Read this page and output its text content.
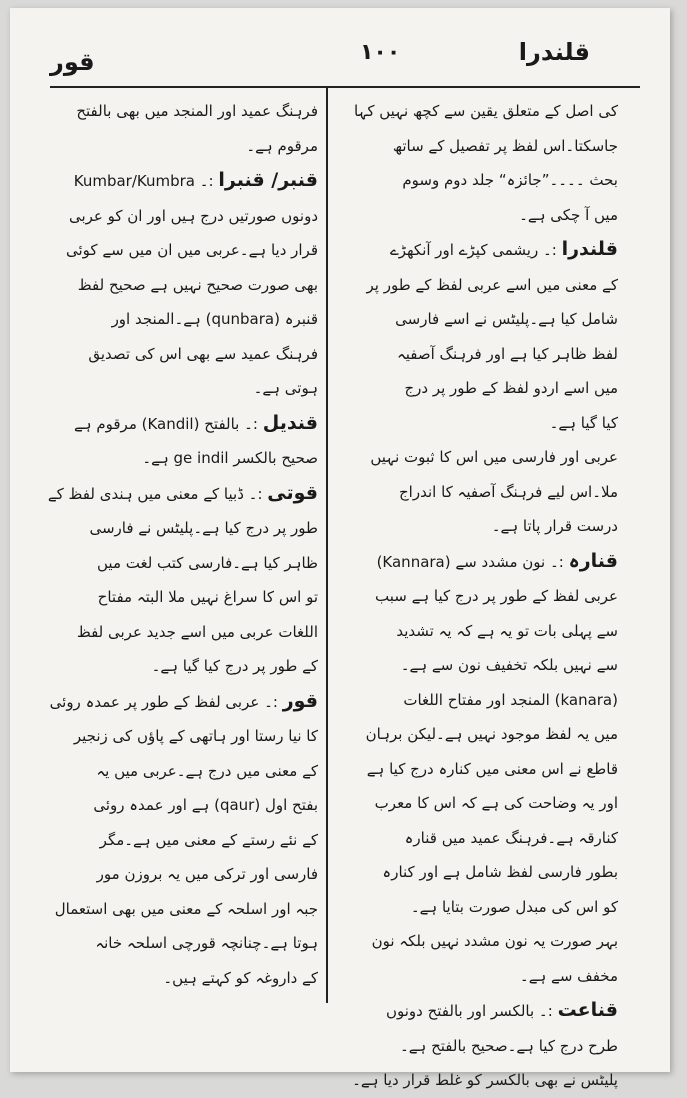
قلندرا
۱۰۰
قور

کی اصل کے متعلق یقین سے کچھ نہیں کہا

جاسکتا۔اس لفظ پر تفصیل کے ساتھ

بحث ۔۔۔۔”جائزہ“ جلد دوم وسوم

میں آ چکی ہے۔

قلندرا :۔ ریشمی کپڑے اور آنکھڑے

کے معنی میں اسے عربی لفظ کے طور پر

شامل کیا ہے۔پلیٹس نے اسے فارسی

لفظ ظاہر کیا ہے اور فرہنگ آصفیہ

میں اسے اردو لفظ کے طور پر درج

کیا گیا ہے۔

عربی اور فارسی میں اس کا ثبوت نہیں

ملا۔اس لیے فرہنگ آصفیہ کا اندراج

درست قرار پاتا ہے۔

قنارہ :۔ نون مشدد سے (Kannara)

عربی لفظ کے طور پر درج کیا ہے سبب

سے پہلی بات تو یہ ہے کہ یہ تشدید

سے نہیں بلکہ تخفیف نون سے ہے۔

(kanara) المنجد اور مفتاح اللغات

میں یہ لفظ موجود نہیں ہے۔لیکن برہان

قاطع نے اس معنی میں کنارہ درج کیا ہے

اور یہ وضاحت کی ہے کہ اس کا معرب

کنارقہ ہے۔فرہنگ عمید میں قنارہ

بطور فارسی لفظ شامل ہے اور کنارہ

کو اس کی مبدل صورت بتایا ہے۔

بہر صورت یہ نون مشدد نہیں بلکہ نون

مخفف سے ہے۔

قناعت :۔ بالکسر اور بالفتح دونوں

طرح درج کیا ہے۔صحیح بالفتح ہے۔

پلیٹس نے بھی بالکسر کو غلط قرار دیا ہے۔

فرہنگ عمید اور المنجد میں بھی بالفتح

مرقوم ہے۔

قنبر/ قنبرا :۔ Kumbar/Kumbra

دونوں صورتیں درج ہیں اور ان کو عربی

قرار دیا ہے۔عربی میں ان میں سے کوئی

بھی صورت صحیح نہیں ہے صحیح لفظ

قنبرہ (qunbara) ہے۔المنجد اور

فرہنگ عمید سے بھی اس کی تصدیق

ہوتی ہے۔

قندیل :۔ بالفتح (Kandil) مرقوم ہے

صحیح بالکسر ge indil ہے۔

قوتی :۔ ڈبیا کے معنی میں ہندی لفظ کے

طور پر درج کیا ہے۔پلیٹس نے فارسی

ظاہر کیا ہے۔فارسی کتب لغت میں

تو اس کا سراغ نہیں ملا البتہ مفتاح

اللغات عربی میں اسے جدید عربی لفظ

کے طور پر درج کیا گیا ہے۔

قور :۔ عربی لفظ کے طور پر عمدہ روئی

کا نیا رستا اور ہاتھی کے پاؤں کی زنجیر

کے معنی میں درج ہے۔عربی میں یہ

بفتح اول (qaur) ہے اور عمدہ روئی

کے نئے رستے کے معنی میں ہے۔مگر

فارسی اور ترکی میں یہ بروزن مور

جبہ اور اسلحہ کے معنی میں بھی استعمال

ہوتا ہے۔چنانچہ قورچی اسلحہ خانہ

کے داروغہ کو کہتے ہیں۔
